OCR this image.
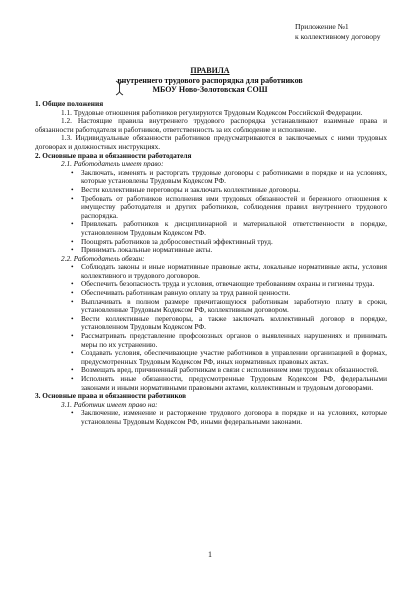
Приложение №1
к коллективному договору
ПРАВИЛА
внутреннего трудового распорядка для работников
МБОУ Ново-Золотовская СОШ
1. Общие положения
1.1. Трудовые отношения работников регулируются Трудовым Кодексом Российской Федерации.
1.2. Настоящие правила внутреннего трудового распорядка устанавливают взаимные права и обязанности работодателя и работников, ответственность за их соблюдение и исполнение.
1.3. Индивидуальные обязанности работников предусматриваются в заключаемых с ними трудовых договорах и должностных инструкциях.
2. Основные права и обязанности работодателя
2.1. Работодатель имеет право:
• Заключать, изменять и расторгать трудовые договоры с работниками в порядке и на условиях, которые установлены Трудовым Кодексом РФ.
• Вести коллективные переговоры и заключать коллективные договоры.
• Требовать от работников исполнения ими трудовых обязанностей и бережного отношения к имуществу работодателя и других работников, соблюдения правил внутреннего трудового распорядка.
• Привлекать работников к дисциплинарной и материальной ответственности в порядке, установленном Трудовым Кодексом РФ.
• Поощрять работников за добросовестный эффективный труд.
• Принимать локальные нормативные акты.
2.2. Работодатель обязан:
• Соблюдать законы и иные нормативные правовые акты, локальные нормативные акты, условия коллективного и трудового договоров.
• Обеспечить безопасность труда и условия, отвечающие требованиям охраны и гигиены труда.
• Обеспечивать работникам равную оплату за труд равной ценности.
• Выплачивать в полном размере причитающуюся работникам заработную плату в сроки, установленные Трудовым Кодексом РФ, коллективным договором.
• Вести коллективные переговоры, а также заключать коллективный договор в порядке, установленном Трудовым Кодексом РФ.
• Рассматривать представление профсоюзных органов о выявленных нарушениях и принимать меры по их устранению.
• Создавать условия, обеспечивающие участие работников в управлении организацией в формах, предусмотренных Трудовым Кодексом РФ, иных нормативных правовых актах.
• Возмещать вред, причиненный работникам в связи с исполнением ими трудовых обязанностей.
• Исполнять иные обязанности, предусмотренные Трудовым Кодексом РФ, федеральными законами и иными нормативными правовыми актами, коллективным и трудовым договорами.
3. Основные права и обязанности работников
3.1. Работник имеет право на:
• Заключение, изменение и расторжение трудового договора в порядке и на условиях, которые установлены Трудовым Кодексом РФ, иными федеральными законами.
1
